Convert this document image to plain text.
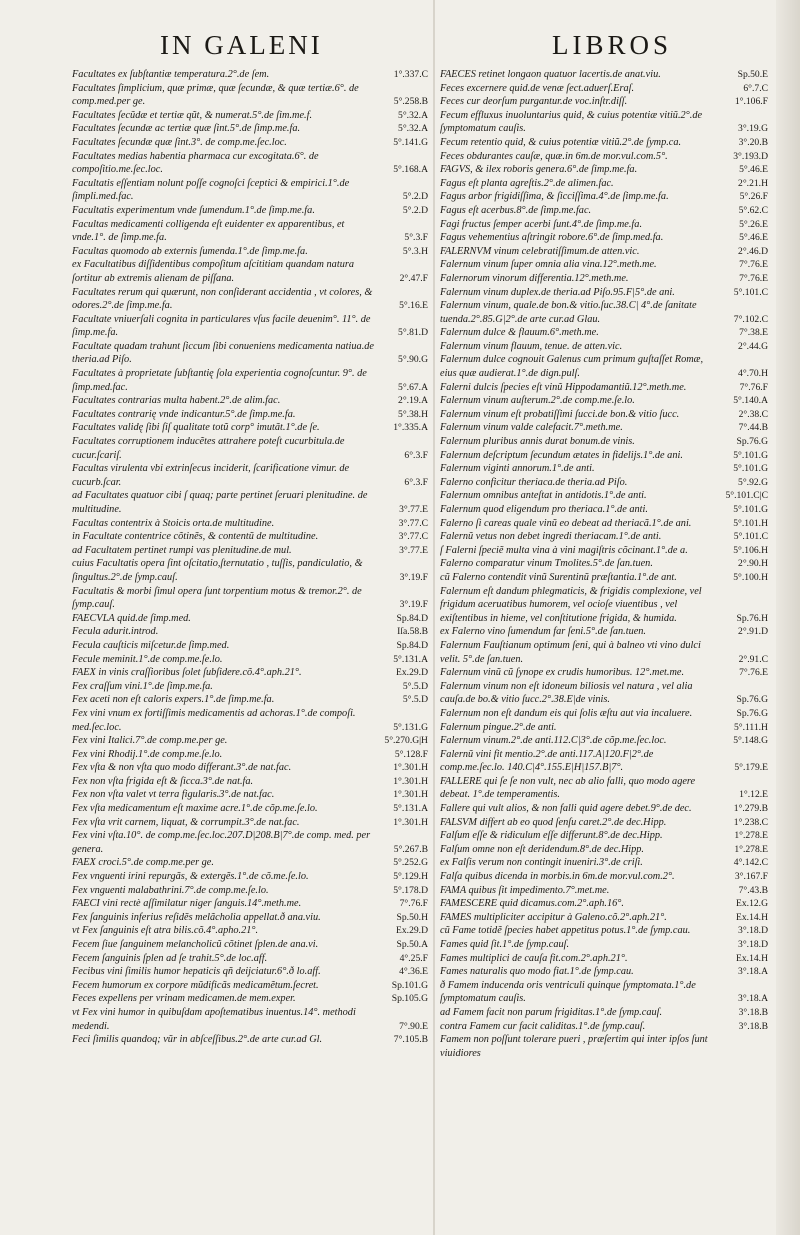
IN GALENI	LIBROS
Facultates ex ſubſtantiæ temperatura.2°.de ſem.	1°.337.C
Facultates ſimplicium, quæ primæ, quæ ſecundæ, & quæ tertiæ.6°. de comp.med.per ge.	5°.258.B
Facultates ſecũdæ et tertiæ qũt, & numerat.5°.de ſim.me.f.	5°.32.A
Facultates ſecundæ ac tertiæ quæ ſint.5°.de ſimp.me.fa.	5°.32.A
Facultates ſecundæ quæ ſint.3°. de comp.me.ſec.loc.	5°.141.G
Facultates medias habentia pharmaca cur excogitata.6°. de compoſitio.me.ſec.loc.	5°.168.A
Facultatis eſſentiam nolunt poſſe cognoſci ſceptici & empirici.1°.de ſimpli.med.fac.	5°.2.D
Facultatis experimentum vnde ſumendum.1°.de ſimp.me.fa.	5°.2.D
Facultas medicamenti colligenda eſt euidenter ex apparentibus, et vnde.1°. de ſimp.me.fa.	5°.3.F
Facultas quomodo ab externis ſumenda.1°.de ſimp.me.fa.	5°.3.H
ex Facultatibus diſſidentibus compoſitum aſcititiam quandam natura ſortitur ab extremis alienam de piſſana.	2°.47.F
Facultates rerum qui quærunt, non conſiderant accidentia , vt colores, & odores.2°.de ſimp.me.fa.	5°.16.E
Facultate vniuerſali cognita in particulares vſus facile deuenim°. 11°. de ſimp.me.fa.	5°.81.D
Facultate quadam trahunt ſiccum ſibi conueniens medicamenta natiua.de theria.ad Piſo.	5°.90.G
Facultates à proprietate ſubſtantię ſola experientia cognoſcuntur. 9°. de ſimp.med.fac.	5°.67.A
Facultates contrarias multa habent.2°.de alim.fac.	2°.19.A
Facultates contrarię vnde indicantur.5°.de ſimp.me.fa.	5°.38.H
Facultates validę ſibi ſiſ qualitate totũ corp° imutãt.1°.de ſe.	1°.335.A
Facultates corruptionem inducẽtes attrahere poteſt cucurbitula.de cucur.ſcariſ.	6°.3.F
Facultas virulenta vbi extrinſecus inciderit, ſcarificatione vimur. de cucurb.ſcar.	6°.3.F
ad Facultates quatuor cibi ſ quaq; parte pertinet ſeruari plenitudine. de multitudine.	3°.77.E
Facultas contentrix à Stoicis orta.de multitudine.	3°.77.C
in Facultate contentrice cõtinẽs, & contentũ de multitudine.	3°.77.C
ad Facultatem pertinet rumpi vas plenitudine.de mul.	3°.77.E
cuius Facultatis opera ſint oſcitatio,ſternutatio , tuſſis, pandiculatio, & ſingultus.2°.de ſymp.cauſ.	3°.19.F
Facultatis & morbi ſimul opera ſunt torpentium motus & tremor.2°. de ſymp.cauſ.	3°.19.F
FAECVLA quid.de ſimp.med.	Sp.84.D
Fecula adurit.introd.	Iſa.58.B
Fecula cauſticis miſcetur.de ſimp.med.	Sp.84.D
Fecule meminit.1°.de comp.me.ſe.lo.	5°.131.A
FAEX in vinis craſſioribus ſolet ſubſidere.cõ.4°.aph.21°.	Ex.29.D
Fex craſſum vini.1°.de ſimp.me.fa.	5°.5.D
Fex aceti non eſt caloris expers.1°.de ſimp.me.fa.	5°.5.D
Fex vini vnum ex fortiſſimis medicamentis ad achoras.1°.de compoſi. med.ſec.loc.	5°.131.G
Fex vini Italici.7°.de comp.me.per ge.	5°.270.G|H
Fex vini Rhodij.1°.de comp.me.ſe.lo.	5°.128.F
Fex vſta & non vſta quo modo differant.3°.de nat.fac.	1°.301.H
Fex non vſta frigida eſt & ſicca.3°.de nat.fa.	1°.301.H
Fex non vſta valet vt terra figularis.3°.de nat.fac.	1°.301.H
Fex vſta medicamentum eſt maxime acre.1°.de cõp.me.ſe.lo.	5°.131.A
Fex vſta vrit carnem, liquat, & corrumpit.3°.de nat.fac.	1°.301.H
Fex vini vſta.10°. de comp.me.ſec.loc.207.D|208.B|7°.de comp. med. per genera.	5°.267.B
FAEX croci.5°.de comp.me.per ge.	5°.252.G
Fex vnguenti irini repurgãs, & extergẽs.1°.de cõ.me.ſe.lo.	5°.129.H
Fex vnguenti malabathrini.7°.de comp.me.ſe.lo.	5°.178.D
FAECI vini rectè aſſimilatur niger ſanguis.14°.meth.me.	7°.76.F
Fex ſanguinis inferius reſidẽs melãcholia appellat.ð ana.viu.	Sp.50.H
vt Fex ſanguinis eſt atra bilis.cõ.4°.apho.21°.	Ex.29.D
Fecem ſiue ſanguinem melancholicũ cõtinet ſplen.de ana.vi.	Sp.50.A
Fecem ſanguinis ſplen ad ſe trahit.5°.de loc.aff.	4°.25.F
Fecibus vini ſimilis humor hepaticis qñ deijciatur.6°.ð lo.aff.	4°.36.E
Fecem humorum ex corpore mũdificãs medicamẽtum.ſecret.	Sp.101.G
Feces expellens per vrinam medicamen.de mem.exper.	Sp.105.G
vt Fex vini humor in quibuſdam apoſtematibus inuentus.14°. methodi medendi.	7°.90.E
Feci ſimilis quandoq; vũr in abſceſſibus.2°.de arte cur.ad Gl.	7°.105.B
FAECES retinet longaon quatuor lacertis.de anat.viu.	Sp.50.E
Feces excernere quid.de venæ ſect.aduerſ.Eraſ.	6°.7.C
Feces cur deorſum purgantur.de voc.inſtr.diſſ.	1°.106.F
Fecum effluxus inuoluntarius quid, & cuius potentiæ vitiũ.2°.de ſymptomatum cauſis.	3°.19.G
Fecum retentio quid, & cuius potentiæ vitiũ.2°.de ſymp.ca.	3°.20.B
Feces obdurantes cauſæ, quæ.in 6m.de mor.vul.com.5°.	3°.193.D
FAGVS, & ilex roboris genera.6°.de ſimp.me.fa.	5°.46.E
Fagus eſt planta agreſtis.2°.de alimen.fac.	2°.21.H
Fagus arbor frigidiſſima, & ſicciſſima.4°.de ſimp.me.fa.	5°.26.F
Fagus eſt acerbus.8°.de ſimp.me.fac.	5°.62.C
Fagi fructus ſemper acerbi ſunt.4°.de ſimp.me.fa.	5°.26.E
Fagus vehementius aſtringit robore.6°.de ſimp.med.fa.	5°.46.E
FALERNVM vinum celebratiſſimum.de atten.vic.	2°.46.D
Falernum vinum ſuper omnia alia vina.12°.meth.me.	7°.76.E
Falernorum vinorum differentia.12°.meth.me.	7°.76.E
Falernum vinum duplex.de theria.ad Piſo.95.F|5°.de ani.	5°.101.C
Falernum vinum, quale.de bon.& vitio.ſuc.38.C| 4°.de ſanitate tuenda.2°.85.G|2°.de arte cur.ad Glau.	7°.102.C
Falernum dulce & flauum.6°.meth.me.	7°.38.E
Falernum vinum flauum, tenue. de atten.vic.	2°.44.G
Falernum dulce cognouit Galenus cum primum guſtaſſet Romæ, eius quæ audierat.1°.de dign.pulſ.	4°.70.H
Falerni dulcis ſpecies eſt vinũ Hippodamantiũ.12°.meth.me.	7°.76.F
Falernum vinum auſterum.2°.de comp.me.ſe.lo.	5°.140.A
Falernum vinum eſt probatiſſimi ſucci.de bon.& vitio ſucc.	2°.38.C
Falernum vinum valde calefacit.7°.meth.me.	7°.44.B
Falernum pluribus annis durat bonum.de vinis.	Sp.76.G
Falernum deſcriptum ſecundum ætates in fidelijs.1°.de ani.	5°.101.G
Falernum viginti annorum.1°.de anti.	5°.101.G
Falerno conficitur theriaca.de theria.ad Piſo.	5°.92.G
Falernum omnibus anteſtat in antidotis.1°.de anti.	5°.101.C|C
Falernum quod eligendum pro theriaca.1°.de anti.	5°.101.G
Falerno ſi careas quale vinũ eo debeat ad theriacã.1°.de ani.	5°.101.H
Falernũ vetus non debet ingredi theriacam.1°.de anti.	5°.101.C
ſ Falerni ſpeciẽ multa vina à vini magiſtris cõcinant.1°.de a.	5°.106.H
Falerno comparatur vinum Tmolites.5°.de ſan.tuen.	2°.90.H
cũ Falerno contendit vinũ Surentinũ præſtantia.1°.de ant.	5°.100.H
Falernum eſt dandum phlegmaticis, & frigidis complexione, vel frigidum aceruatibus humorem, vel ocioſe viuentibus , vel exiſtentibus in hieme, vel conſtitutione frigida, & humida.	Sp.76.H
ex Falerno vino ſumendum far ſeni.5°.de ſan.tuen.	2°.91.D
Falernum Fauſtianum optimum ſeni, qui à balneo vti vino dulci velit. 5°.de ſan.tuen.	2°.91.C
Falernum vinũ cũ ſynope ex crudis humoribus. 12°.met.me.	7°.76.E
Falernum vinum non eſt idoneum biliosis vel natura , vel alia cauſa.de bo.& vitio ſucc.2°.38.E|de vinis.	Sp.76.G
Falernum non eſt dandum eis qui ſolis æſtu aut via incaluere.	Sp.76.G
Falernum pingue.2°.de anti.	5°.111.H
Falernum vinum.2°.de anti.112.C|3°.de cõp.me.ſec.loc.	5°.148.G
Falernũ vini fit mentio.2°.de anti.117.A|120.F|2°.de comp.me.ſec.lo. 140.C|4°.155.E|H|157.B|7°.	5°.179.E
FALLERE qui ſe ſe non vult, nec ab alio falli, quo modo agere debeat. 1°.de temperamentis.	1°.12.E
Fallere qui vult alios, & non falli quid agere debet.9°.de dec.	1°.279.B
FALSVM differt ab eo quod ſenſu caret.2°.de dec.Hipp.	1°.238.C
Falſum eſſe & ridiculum eſſe differunt.8°.de dec.Hipp.	1°.278.E
Falſum omne non eſt deridendum.8°.de dec.Hipp.	1°.278.E
ex Falſis verum non contingit inueniri.3°.de criſi.	4°.142.C
Falſa quibus dicenda in morbis.in 6m.de mor.vul.com.2°.	3°.167.F
FAMA quibus ſit impedimento.7°.met.me.	7°.43.B
FAMESCERE quid dicamus.com.2°.aph.16°.	Ex.12.G
FAMES multipliciter accipitur à Galeno.cõ.2°.aph.21°.	Ex.14.H
cũ Fame totidẽ ſpecies habet appetitus potus.1°.de ſymp.cau.	3°.18.D
Fames quid ſit.1°.de ſymp.cauſ.	3°.18.D
Fames multiplici de cauſa fit.com.2°.aph.21°.	Ex.14.H
Fames naturalis quo modo fiat.1°.de ſymp.cau.	3°.18.A
ð Famem inducenda oris ventriculi quinque ſymptomata.1°.de ſymptomatum cauſis.	3°.18.A
ad Famem facit non parum frigiditas.1°.de ſymp.cauſ.	3°.18.B
contra Famem cur facit caliditas.1°.de ſymp.cauſ.	3°.18.B
Famem non poſſunt tolerare pueri , præſertim qui inter ipſos ſunt viuidiores
